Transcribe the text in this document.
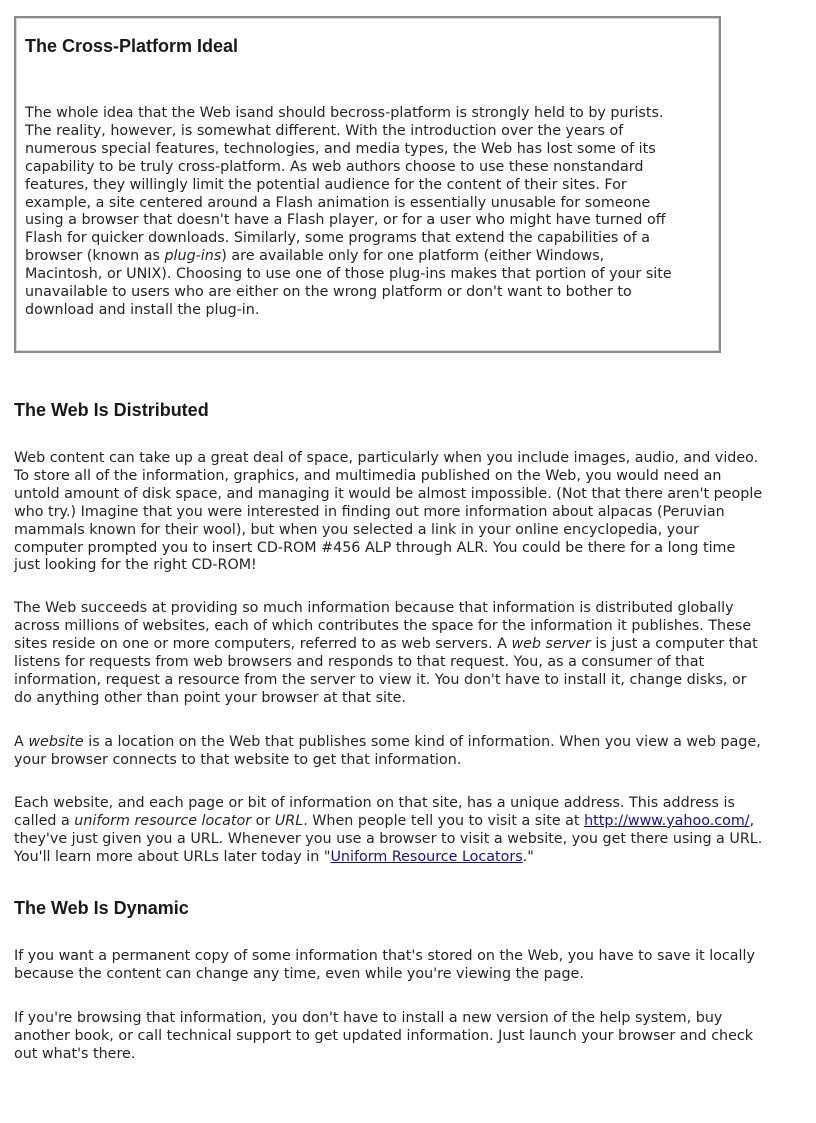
The Cross-Platform Ideal

The whole idea that the Web isand should becross-platform is strongly held to by purists.
The reality, however, is somewhat different. With the introduction over the years of
numerous special features, technologies, and media types, the Web has lost some of its
capability to be truly cross-platform. As web authors choose to use these nonstandard
features, they willingly limit the potential audience for the content of their sites. For
example, a site centered around a Flash animation is essentially unusable for someone
using a browser that doesn't have a Flash player, or for a user who might have turned off
Flash for quicker downloads. Similarly, some programs that extend the capabilities of a
browser (known as plug-ins) are available only for one platform (either Windows,
Macintosh, or UNIX). Choosing to use one of those plug-ins makes that portion of your site
unavailable to users who are either on the wrong platform or don't want to bother to
download and install the plug-in.

The Web Is Distributed

Web content can take up a great deal of space, particularly when you include images, audio, and video.
To store all of the information, graphics, and multimedia published on the Web, you would need an
untold amount of disk space, and managing it would be almost impossible. (Not that there aren't people
who try.) Imagine that you were interested in finding out more information about alpacas (Peruvian
mammals known for their wool), but when you selected a link in your online encyclopedia, your
computer prompted you to insert CD-ROM #456 ALP through ALR. You could be there for a long time
just looking for the right CD-ROM!

The Web succeeds at providing so much information because that information is distributed globally
across millions of websites, each of which contributes the space for the information it publishes. These
sites reside on one or more computers, referred to as web servers. A web server is just a computer that
listens for requests from web browsers and responds to that request. You, as a consumer of that
information, request a resource from the server to view it. You don't have to install it, change disks, or
do anything other than point your browser at that site.

A website is a location on the Web that publishes some kind of information. When you view a web page,
your browser connects to that website to get that information.

Each website, and each page or bit of information on that site, has a unique address. This address is
called a uniform resource locator or URL. When people tell you to visit a site at http://www.yahoo.com/,
they've just given you a URL. Whenever you use a browser to visit a website, you get there using a URL.
You'll learn more about URLs later today in "Uniform Resource Locators."

The Web Is Dynamic

If you want a permanent copy of some information that's stored on the Web, you have to save it locally
because the content can change any time, even while you're viewing the page.

If you're browsing that information, you don't have to install a new version of the help system, buy
another book, or call technical support to get updated information. Just launch your browser and check
out what's there.
